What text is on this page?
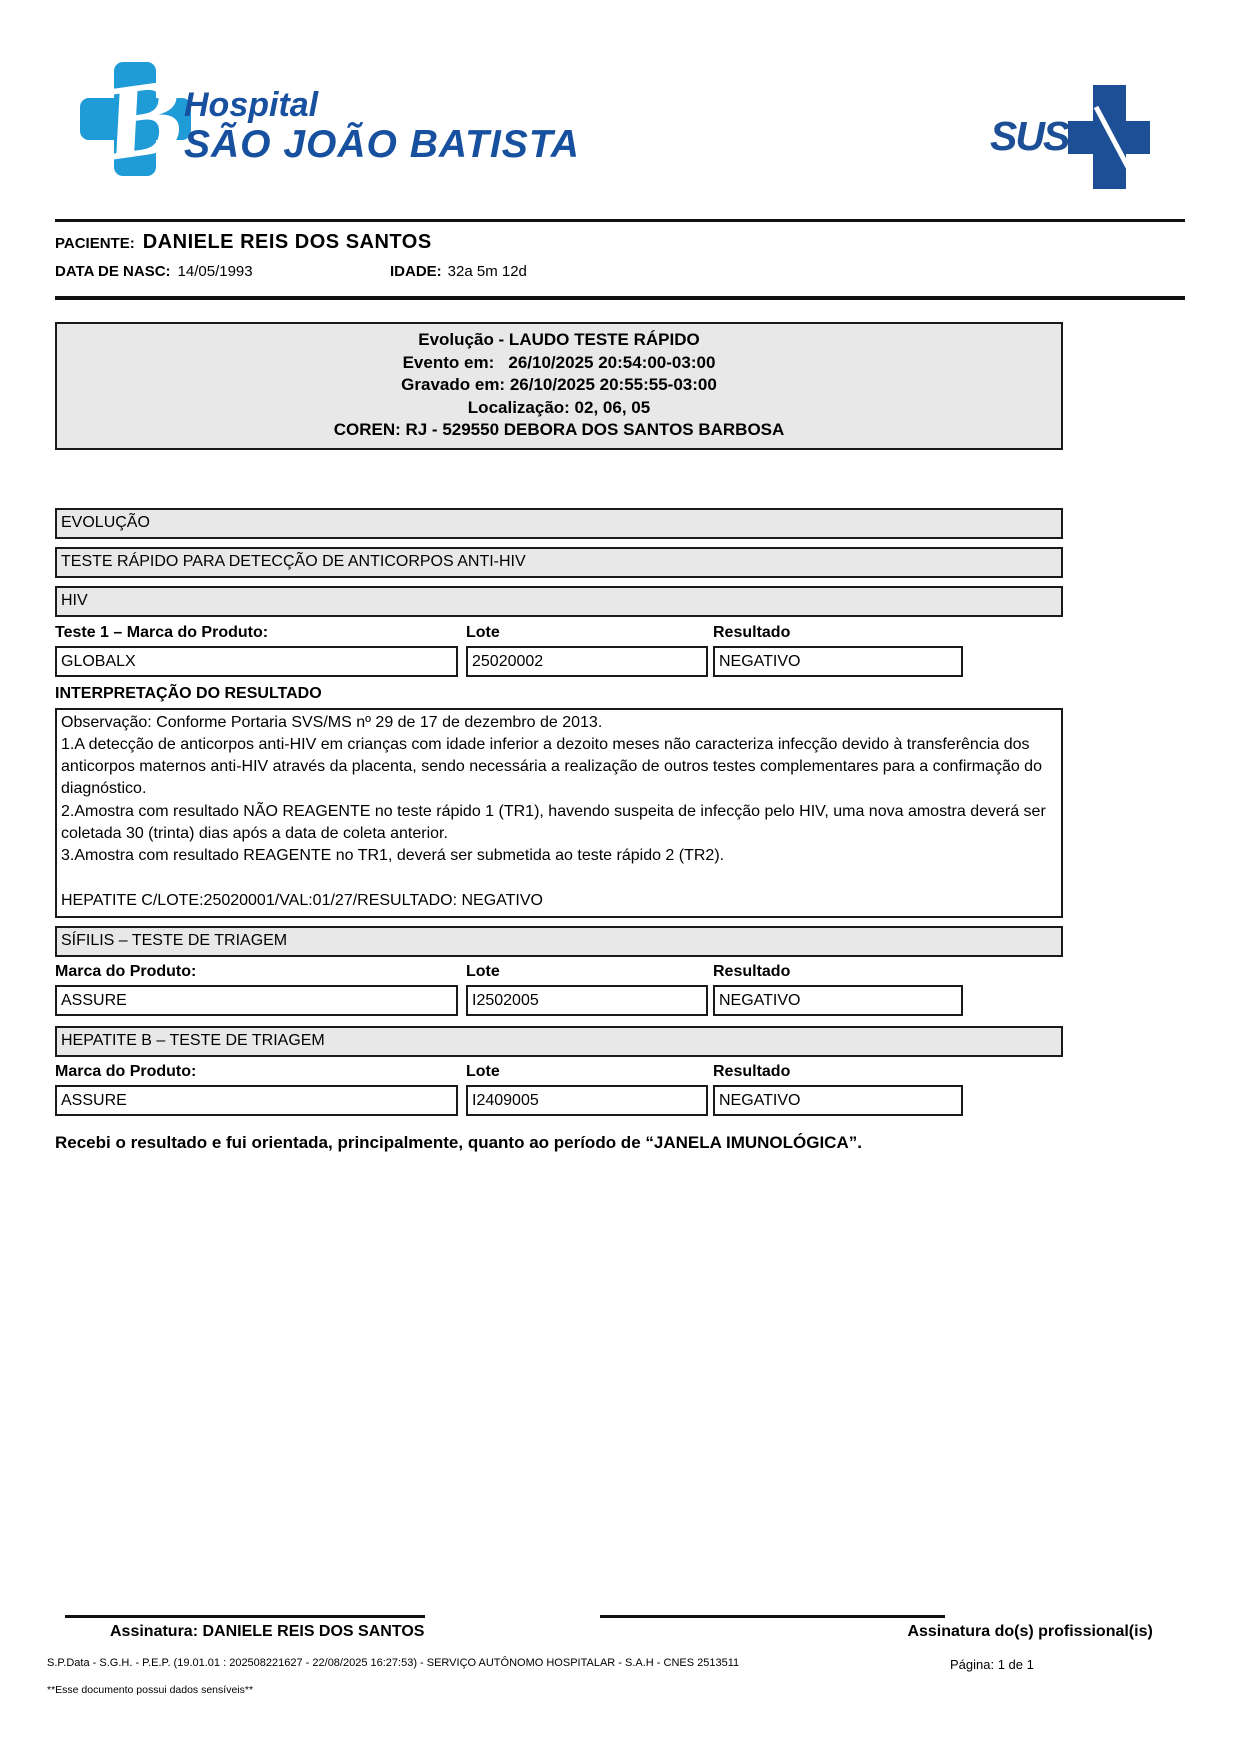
B
Hospital
SÃO JOÃO BATISTA	SUS
PACIENTE: DANIELE REIS DOS SANTOS
DATA DE NASC: 14/05/1993	IDADE: 32a 5m 12d
Evolução - LAUDO TESTE RÁPIDO
Evento em:   26/10/2025 20:54:00-03:00
Gravado em: 26/10/2025 20:55:55-03:00
Localização: 02, 06, 05
COREN: RJ - 529550 DEBORA DOS SANTOS BARBOSA
EVOLUÇÃO
TESTE RÁPIDO PARA DETECÇÃO DE ANTICORPOS ANTI-HIV
HIV
Teste 1 – Marca do Produto:	Lote	Resultado
GLOBALX	25020002	NEGATIVO
INTERPRETAÇÃO DO RESULTADO
Observação: Conforme Portaria SVS/MS nº 29 de 17 de dezembro de 2013.
1.A detecção de anticorpos anti-HIV em crianças com idade inferior a dezoito meses não caracteriza infecção devido à transferência dos anticorpos maternos anti-HIV através da placenta, sendo necessária a realização de outros testes complementares para a confirmação do diagnóstico.
2.Amostra com resultado NÃO REAGENTE no teste rápido 1 (TR1), havendo suspeita de infecção pelo HIV, uma nova amostra deverá ser coletada 30 (trinta) dias após a data de coleta anterior.
3.Amostra com resultado REAGENTE no TR1, deverá ser submetida ao teste rápido 2 (TR2).
HEPATITE C/LOTE:25020001/VAL:01/27/RESULTADO: NEGATIVO
SÍFILIS – TESTE DE TRIAGEM
Marca do Produto:	Lote	Resultado
ASSURE	I2502005	NEGATIVO
HEPATITE B – TESTE DE TRIAGEM
Marca do Produto:	Lote	Resultado
ASSURE	I2409005	NEGATIVO
Recebi o resultado e fui orientada, principalmente, quanto ao período de “JANELA IMUNOLÓGICA”.
Assinatura: DANIELE REIS DOS SANTOS	Assinatura do(s) profissional(is)
S.P.Data - S.G.H. - P.E.P. (19.01.01 : 202508221627 - 22/08/2025 16:27:53) - SERVIÇO AUTÔNOMO HOSPITALAR - S.A.H - CNES 2513511	Página: 1 de 1
**Esse documento possui dados sensíveis**
